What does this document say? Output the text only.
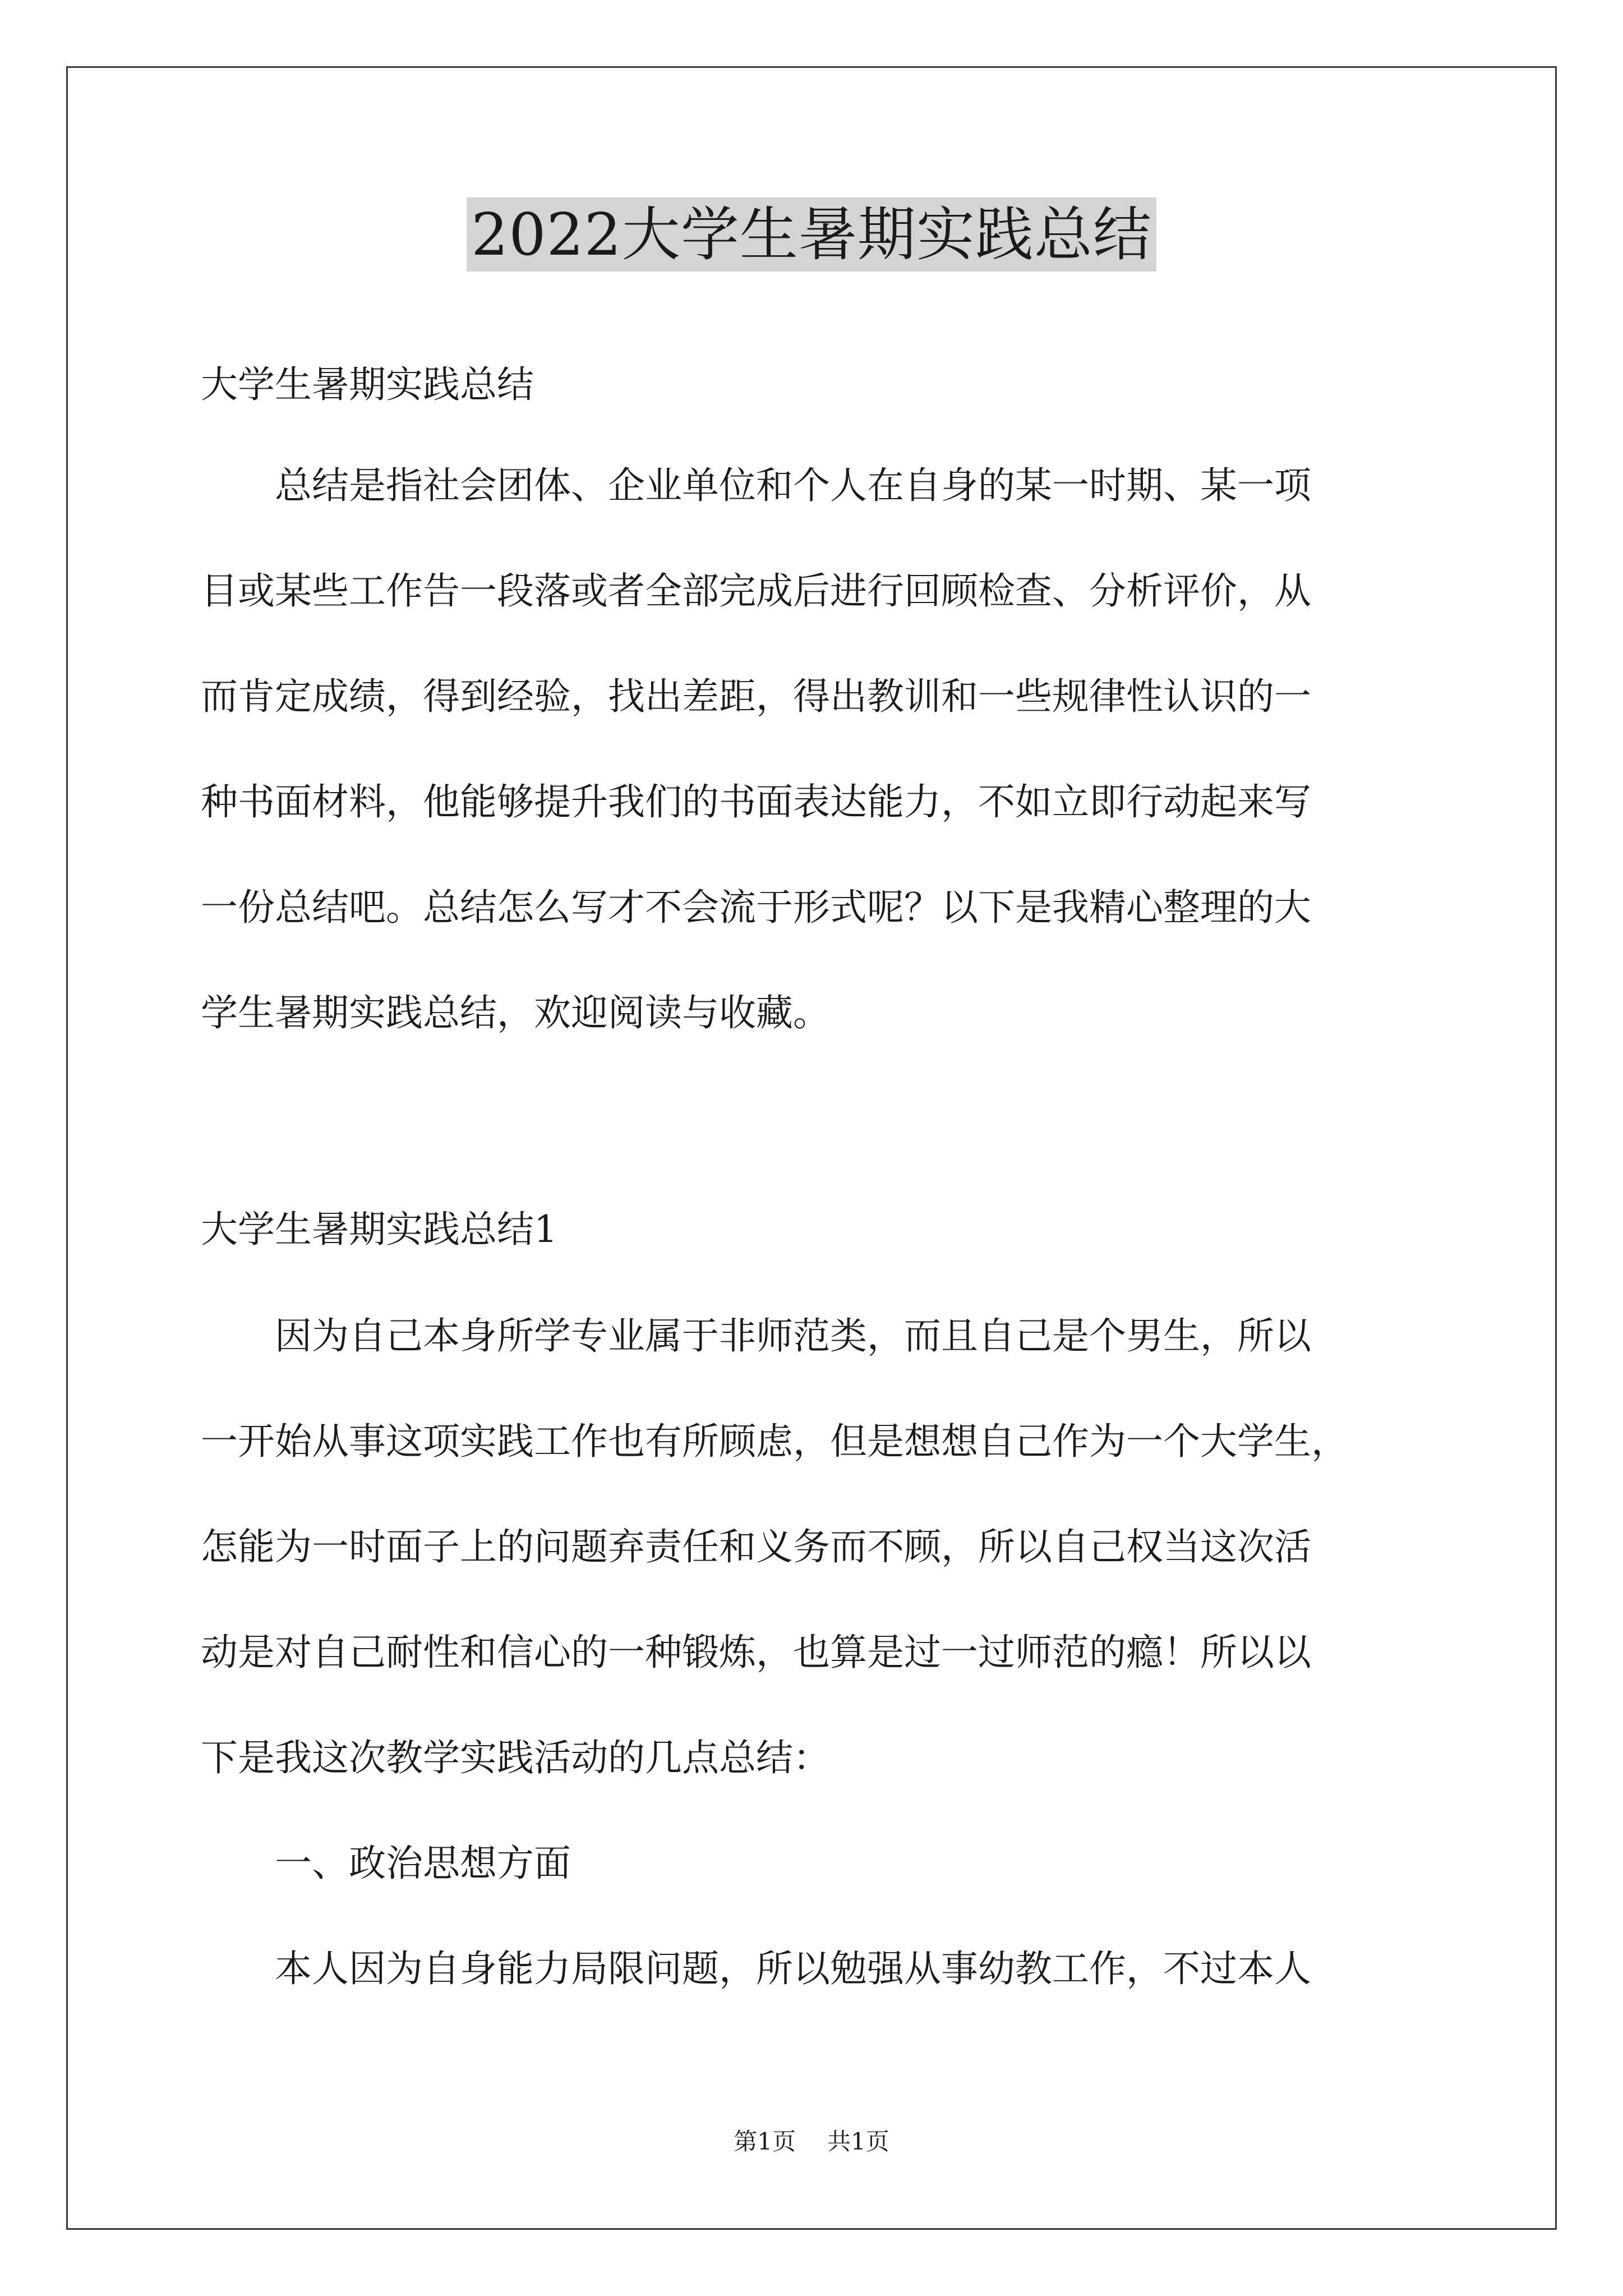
2022大学生暑期实践总结

大学生暑期实践总结

　　总结是指社会团体、企业单位和个人在自身的某一时期、某一项

目或某些工作告一段落或者全部完成后进行回顾检查、分析评价，从

而肯定成绩，得到经验，找出差距，得出教训和一些规律性认识的一

种书面材料，他能够提升我们的书面表达能力，不如立即行动起来写

一份总结吧。总结怎么写才不会流于形式呢？以下是我精心整理的大

学生暑期实践总结，欢迎阅读与收藏。

大学生暑期实践总结1

　　因为自己本身所学专业属于非师范类，而且自己是个男生，所以

一开始从事这项实践工作也有所顾虑，但是想想自己作为一个大学生，

怎能为一时面子上的问题弃责任和义务而不顾，所以自己权当这次活

动是对自己耐性和信心的一种锻炼，也算是过一过师范的瘾！所以以

下是我这次教学实践活动的几点总结：

　　一、政治思想方面

　　本人因为自身能力局限问题，所以勉强从事幼教工作，不过本人

第1页 共1页
